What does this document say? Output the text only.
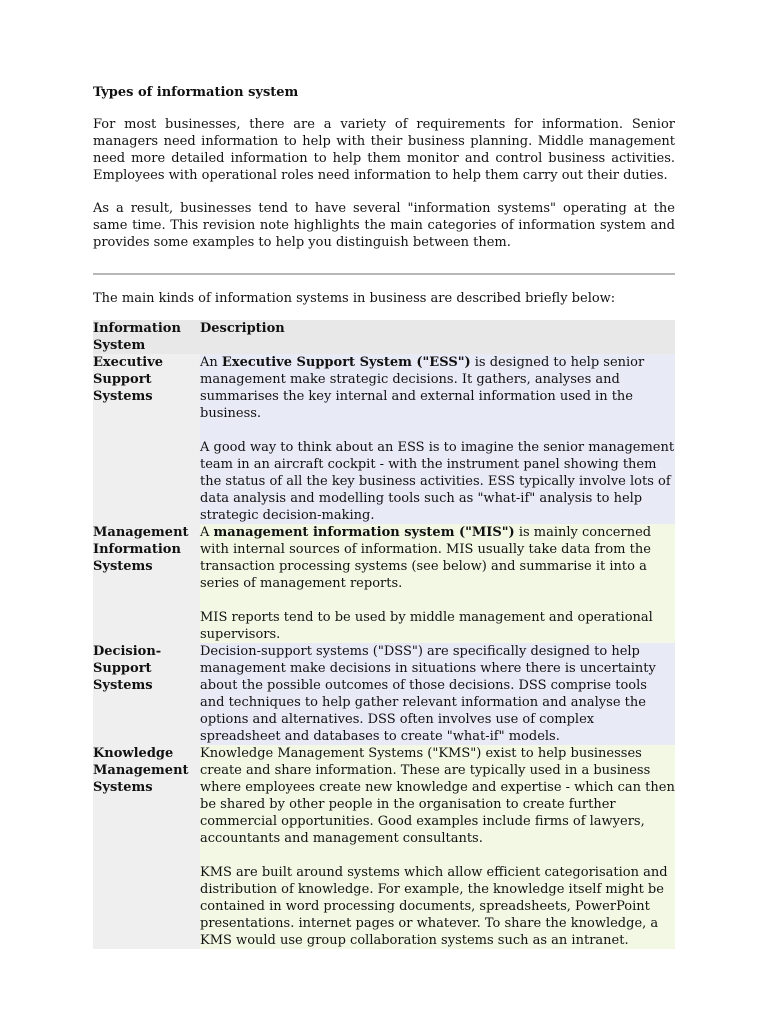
Types of information system

For most businesses, there are a variety of requirements for information. Senior managers need information to help with their business planning. Middle management need more detailed information to help them monitor and control business activities. Employees with operational roles need information to help them carry out their duties.

As a result, businesses tend to have several "information systems" operating at the same time. This revision note highlights the main categories of information system and provides some examples to help you distinguish between them.

The main kinds of information systems in business are described briefly below:

Information System	Description
Executive Support Systems	An Executive Support System ("ESS") is designed to help senior management make strategic decisions. It gathers, analyses and summarises the key internal and external information used in the business.

A good way to think about an ESS is to imagine the senior management team in an aircraft cockpit - with the instrument panel showing them the status of all the key business activities. ESS typically involve lots of data analysis and modelling tools such as "what-if" analysis to help strategic decision-making.

Management Information Systems	A management information system ("MIS") is mainly concerned with internal sources of information. MIS usually take data from the transaction processing systems (see below) and summarise it into a series of management reports.

MIS reports tend to be used by middle management and operational supervisors.

Decision-Support Systems	Decision-support systems ("DSS") are specifically designed to help management make decisions in situations where there is uncertainty about the possible outcomes of those decisions. DSS comprise tools and techniques to help gather relevant information and analyse the options and alternatives. DSS often involves use of complex spreadsheet and databases to create "what-if" models.

Knowledge Management Systems	Knowledge Management Systems ("KMS") exist to help businesses create and share information. These are typically used in a business where employees create new knowledge and expertise - which can then be shared by other people in the organisation to create further commercial opportunities. Good examples include firms of lawyers, accountants and management consultants.

KMS are built around systems which allow efficient categorisation and distribution of knowledge. For example, the knowledge itself might be contained in word processing documents, spreadsheets, PowerPoint presentations. internet pages or whatever. To share the knowledge, a KMS would use group collaboration systems such as an intranet.
